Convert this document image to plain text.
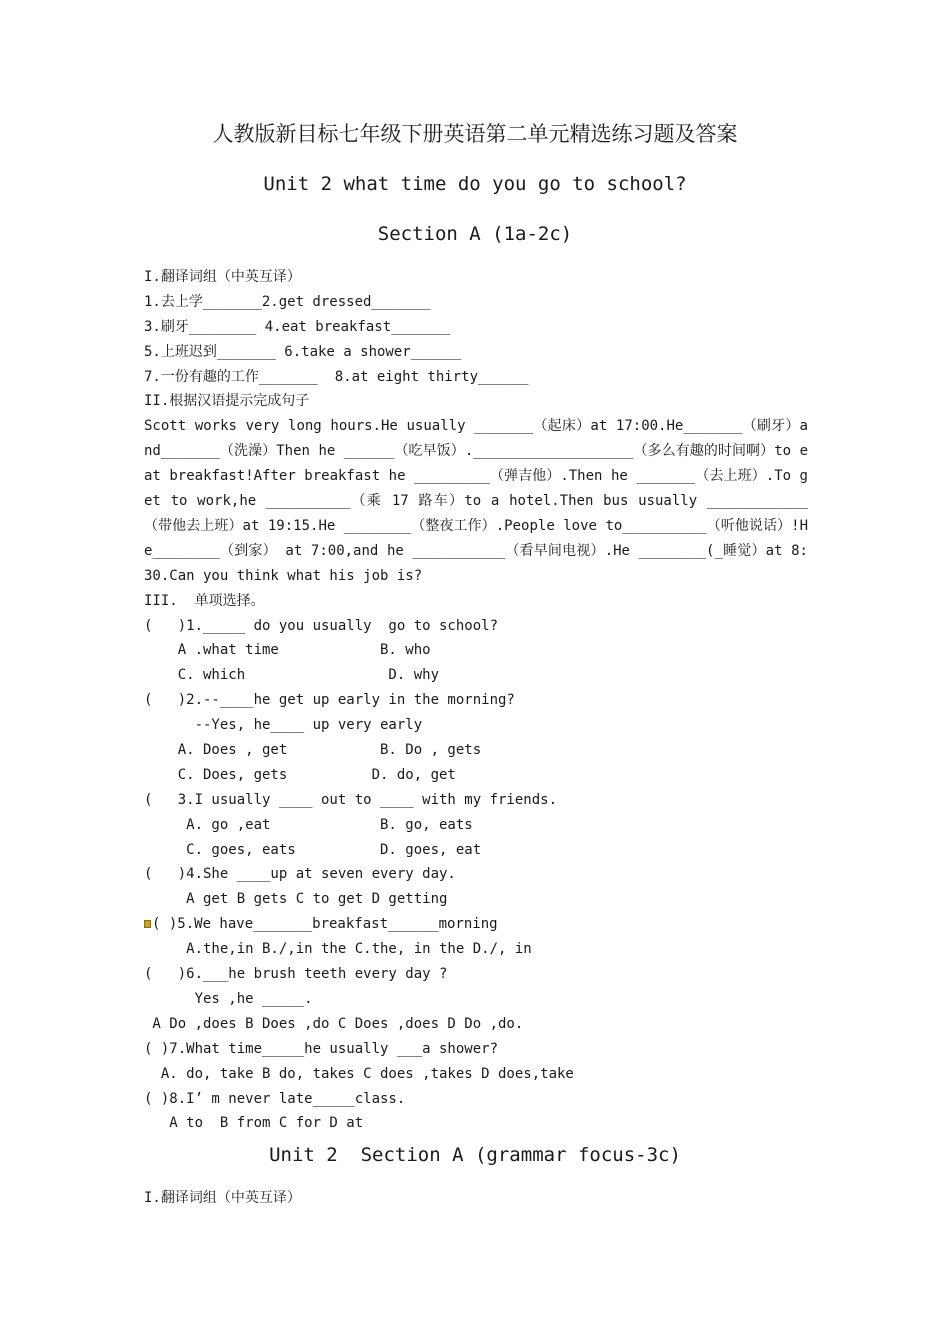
人教版新目标七年级下册英语第二单元精选练习题及答案
Unit 2 what time do you go to school?
Section A (1a-2c)
I.翻译词组（中英互译）
1.去上学_______2.get dressed_______
3.刷牙________ 4.eat breakfast_______
5.上班迟到_______ 6.take a shower______
7.一份有趣的工作_______  8.at eight thirty______
II.根据汉语提示完成句子
Scott works very long hours.He usually _______（起床）at 17:00.He_______（刷牙）and_______（洗澡）Then he ______（吃早饭）.___________________（多么有趣的时间啊）to eat breakfast!After breakfast he _________（弹吉他）.Then he _______（去上班）.To get to work,he __________（乘 17 路车）to a hotel.Then bus usually ____________（带他去上班）at 19:15.He ________（整夜工作）.People love to__________（听他说话）!He________（到家） at 7:00,and he ___________（看早间电视）.He ________(_睡觉）at 8:30.Can you think what his job is?
III.  单项选择。
(   )1._____ do you usually  go to school?
A .what time            B. who
C. which                 D. why
(   )2.--____he get up early in the morning?
--Yes, he____ up very early
A. Does , get           B. Do , gets
C. Does, gets          D. do, get
(   3.I usually ____ out to ____ with my friends.
A. go ,eat             B. go, eats
C. goes, eats          D. goes, eat
(   )4.She ____up at seven every day.
A get B gets C to get D getting
( )5.We have_______breakfast______morning
A.the,in B./,in the C.the, in the D./, in
(   )6.___he brush teeth every day ?
Yes ,he _____.
A Do ,does B Does ,do C Does ,does D Do ,do.
( )7.What time_____he usually ___a shower?
A. do, take B do, takes C does ,takes D does,take
( )8.I’ m never late_____class.
A to  B from C for D at
Unit 2  Section A (grammar focus-3c)
I.翻译词组（中英互译）
